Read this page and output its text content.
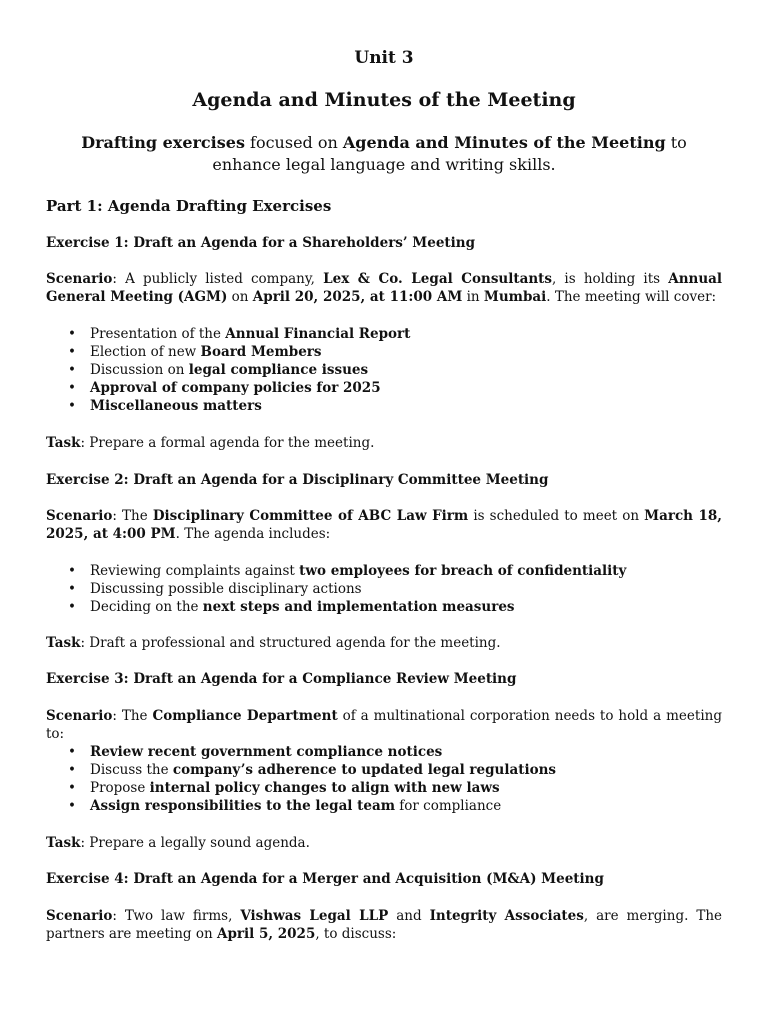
Unit 3
Agenda and Minutes of the Meeting
Drafting exercises focused on Agenda and Minutes of the Meeting to enhance legal language and writing skills.
Part 1: Agenda Drafting Exercises
Exercise 1: Draft an Agenda for a Shareholders’ Meeting
Scenario: A publicly listed company, Lex & Co. Legal Consultants, is holding its Annual General Meeting (AGM) on April 20, 2025, at 11:00 AM in Mumbai. The meeting will cover:
• Presentation of the Annual Financial Report
• Election of new Board Members
• Discussion on legal compliance issues
• Approval of company policies for 2025
• Miscellaneous matters
Task: Prepare a formal agenda for the meeting.
Exercise 2: Draft an Agenda for a Disciplinary Committee Meeting
Scenario: The Disciplinary Committee of ABC Law Firm is scheduled to meet on March 18, 2025, at 4:00 PM. The agenda includes:
• Reviewing complaints against two employees for breach of confidentiality
• Discussing possible disciplinary actions
• Deciding on the next steps and implementation measures
Task: Draft a professional and structured agenda for the meeting.
Exercise 3: Draft an Agenda for a Compliance Review Meeting
Scenario: The Compliance Department of a multinational corporation needs to hold a meeting to:
• Review recent government compliance notices
• Discuss the company’s adherence to updated legal regulations
• Propose internal policy changes to align with new laws
• Assign responsibilities to the legal team for compliance
Task: Prepare a legally sound agenda.
Exercise 4: Draft an Agenda for a Merger and Acquisition (M&A) Meeting
Scenario: Two law firms, Vishwas Legal LLP and Integrity Associates, are merging. The partners are meeting on April 5, 2025, to discuss:
